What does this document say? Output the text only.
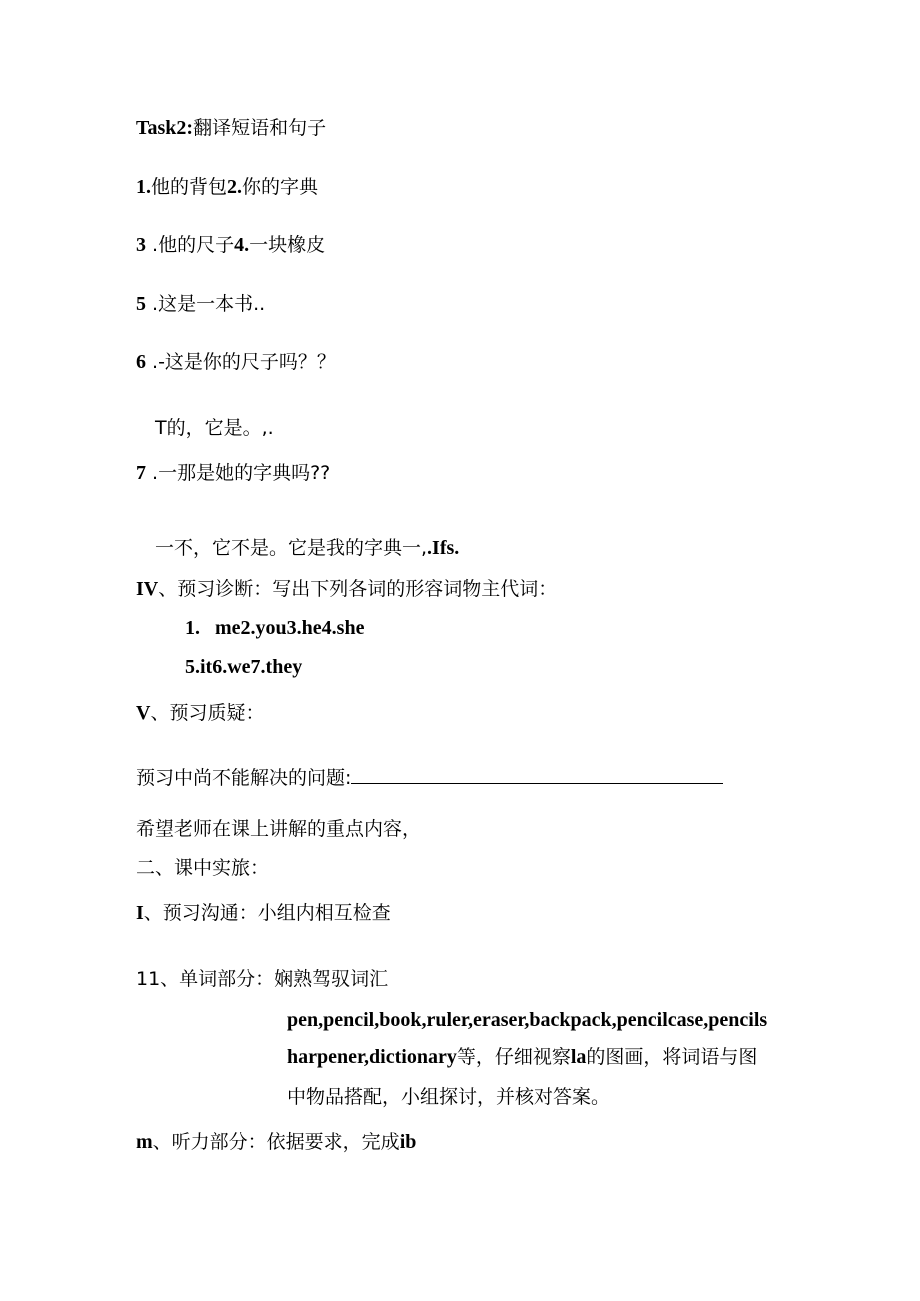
Task2:翻译短语和句子
1.他的背包2.你的字典
3 .他的尺子4.一块橡皮
5 .这是一本书..
6 .-这是你的尺子吗？？
T的，它是。,.
7 .一那是她的字典吗??
一不，它不是。它是我的字典一,.Ifs.
IV、预习诊断：写出下列各词的形容词物主代词：
1.   me2.you3.he4.she
5.it6.we7.they
V、预习质疑：
预习中尚不能解决的问题:
希望老师在课上讲解的重点内容，
二、课中实旅：
I、预习沟通：小组内相互检查
11、单词部分：娴熟驾驭词汇
pen,pencil,book,ruler,eraser,backpack,pencilcase,pencils
harpener,dictionary等，仔细视察la的图画，将词语与图
中物品搭配，小组探讨，并核对答案。
m、听力部分：依据要求，完成ib
